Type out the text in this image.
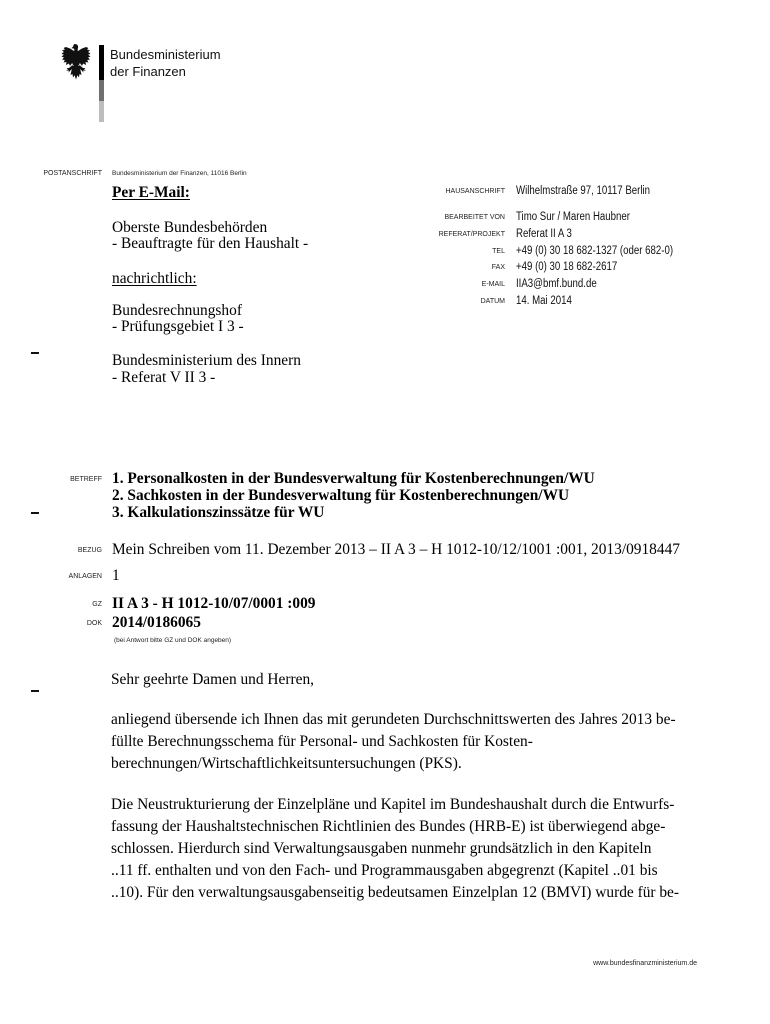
Bundesministerium
der Finanzen
POSTANSCHRIFT Bundesministerium der Finanzen, 11016 Berlin
Per E-Mail:
Oberste Bundesbehörden
- Beauftragte für den Haushalt -
nachrichtlich:
Bundesrechnungshof
- Prüfungsgebiet I 3 -
Bundesministerium des Innern
- Referat V II 3 -
HAUSANSCHRIFT Wilhelmstraße 97, 10117 Berlin
BEARBEITET VON Timo Sur / Maren Haubner
REFERAT/PROJEKT Referat II A 3
TEL +49 (0) 30 18 682-1327 (oder 682-0)
FAX +49 (0) 30 18 682-2617
E-MAIL IIA3@bmf.bund.de
DATUM 14. Mai 2014
BETREFF 1. Personalkosten in der Bundesverwaltung für Kostenberechnungen/WU
2. Sachkosten in der Bundesverwaltung für Kostenberechnungen/WU
3. Kalkulationszinssätze für WU
BEZUG Mein Schreiben vom 11. Dezember 2013 – II A 3 – H 1012-10/12/1001 :001, 2013/0918447
ANLAGEN 1
GZ II A 3 - H 1012-10/07/0001 :009
DOK 2014/0186065
(bei Antwort bitte GZ und DOK angeben)
Sehr geehrte Damen und Herren,
anliegend übersende ich Ihnen das mit gerundeten Durchschnittswerten des Jahres 2013 be-
füllte Berechnungsschema für Personal- und Sachkosten für Kosten-
berechnungen/Wirtschaftlichkeitsuntersuchungen (PKS).
Die Neustrukturierung der Einzelpläne und Kapitel im Bundeshaushalt durch die Entwurfs-
fassung der Haushaltstechnischen Richtlinien des Bundes (HRB-E) ist überwiegend abge-
schlossen. Hierdurch sind Verwaltungsausgaben nunmehr grundsätzlich in den Kapiteln
..11 ff. enthalten und von den Fach- und Programmausgaben abgegrenzt (Kapitel ..01 bis
..10). Für den verwaltungsausgabenseitig bedeutsamen Einzelplan 12 (BMVI) wurde für be-
www.bundesfinanzministerium.de
